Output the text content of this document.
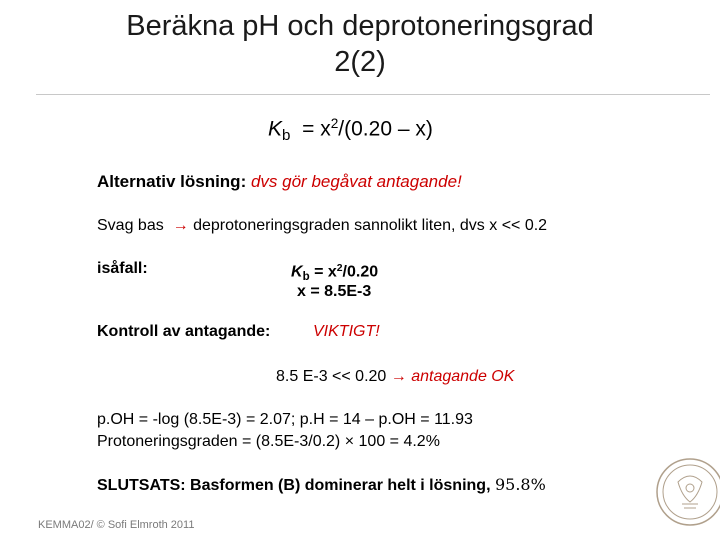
Beräkna pH och deprotoneringsgrad
2(2)
$K_b = x^2/(0.20 - x)$
Alternativ lösning: dvs gör begåvat antagande!
Svag bas → deprotoneringsgraden sannolikt liten, dvs x << 0.2
isåfall:	$K_b = x^2/0.20$
x = 8.5E-3
Kontroll av antagande:	VIKTIGT!
8.5 E-3 << 0.20 → antagande OK
p.OH = -log (8.5E-3) = 2.07; p.H = 14 – p.OH = 11.93
Protoneringsgraden = (8.5E-3/0.2) × 100 = 4.2%
SLUTSATS: Basformen (B) dominerar helt i lösning, 95.8%
KEMMA02/ © Sofi Elmroth 2011
